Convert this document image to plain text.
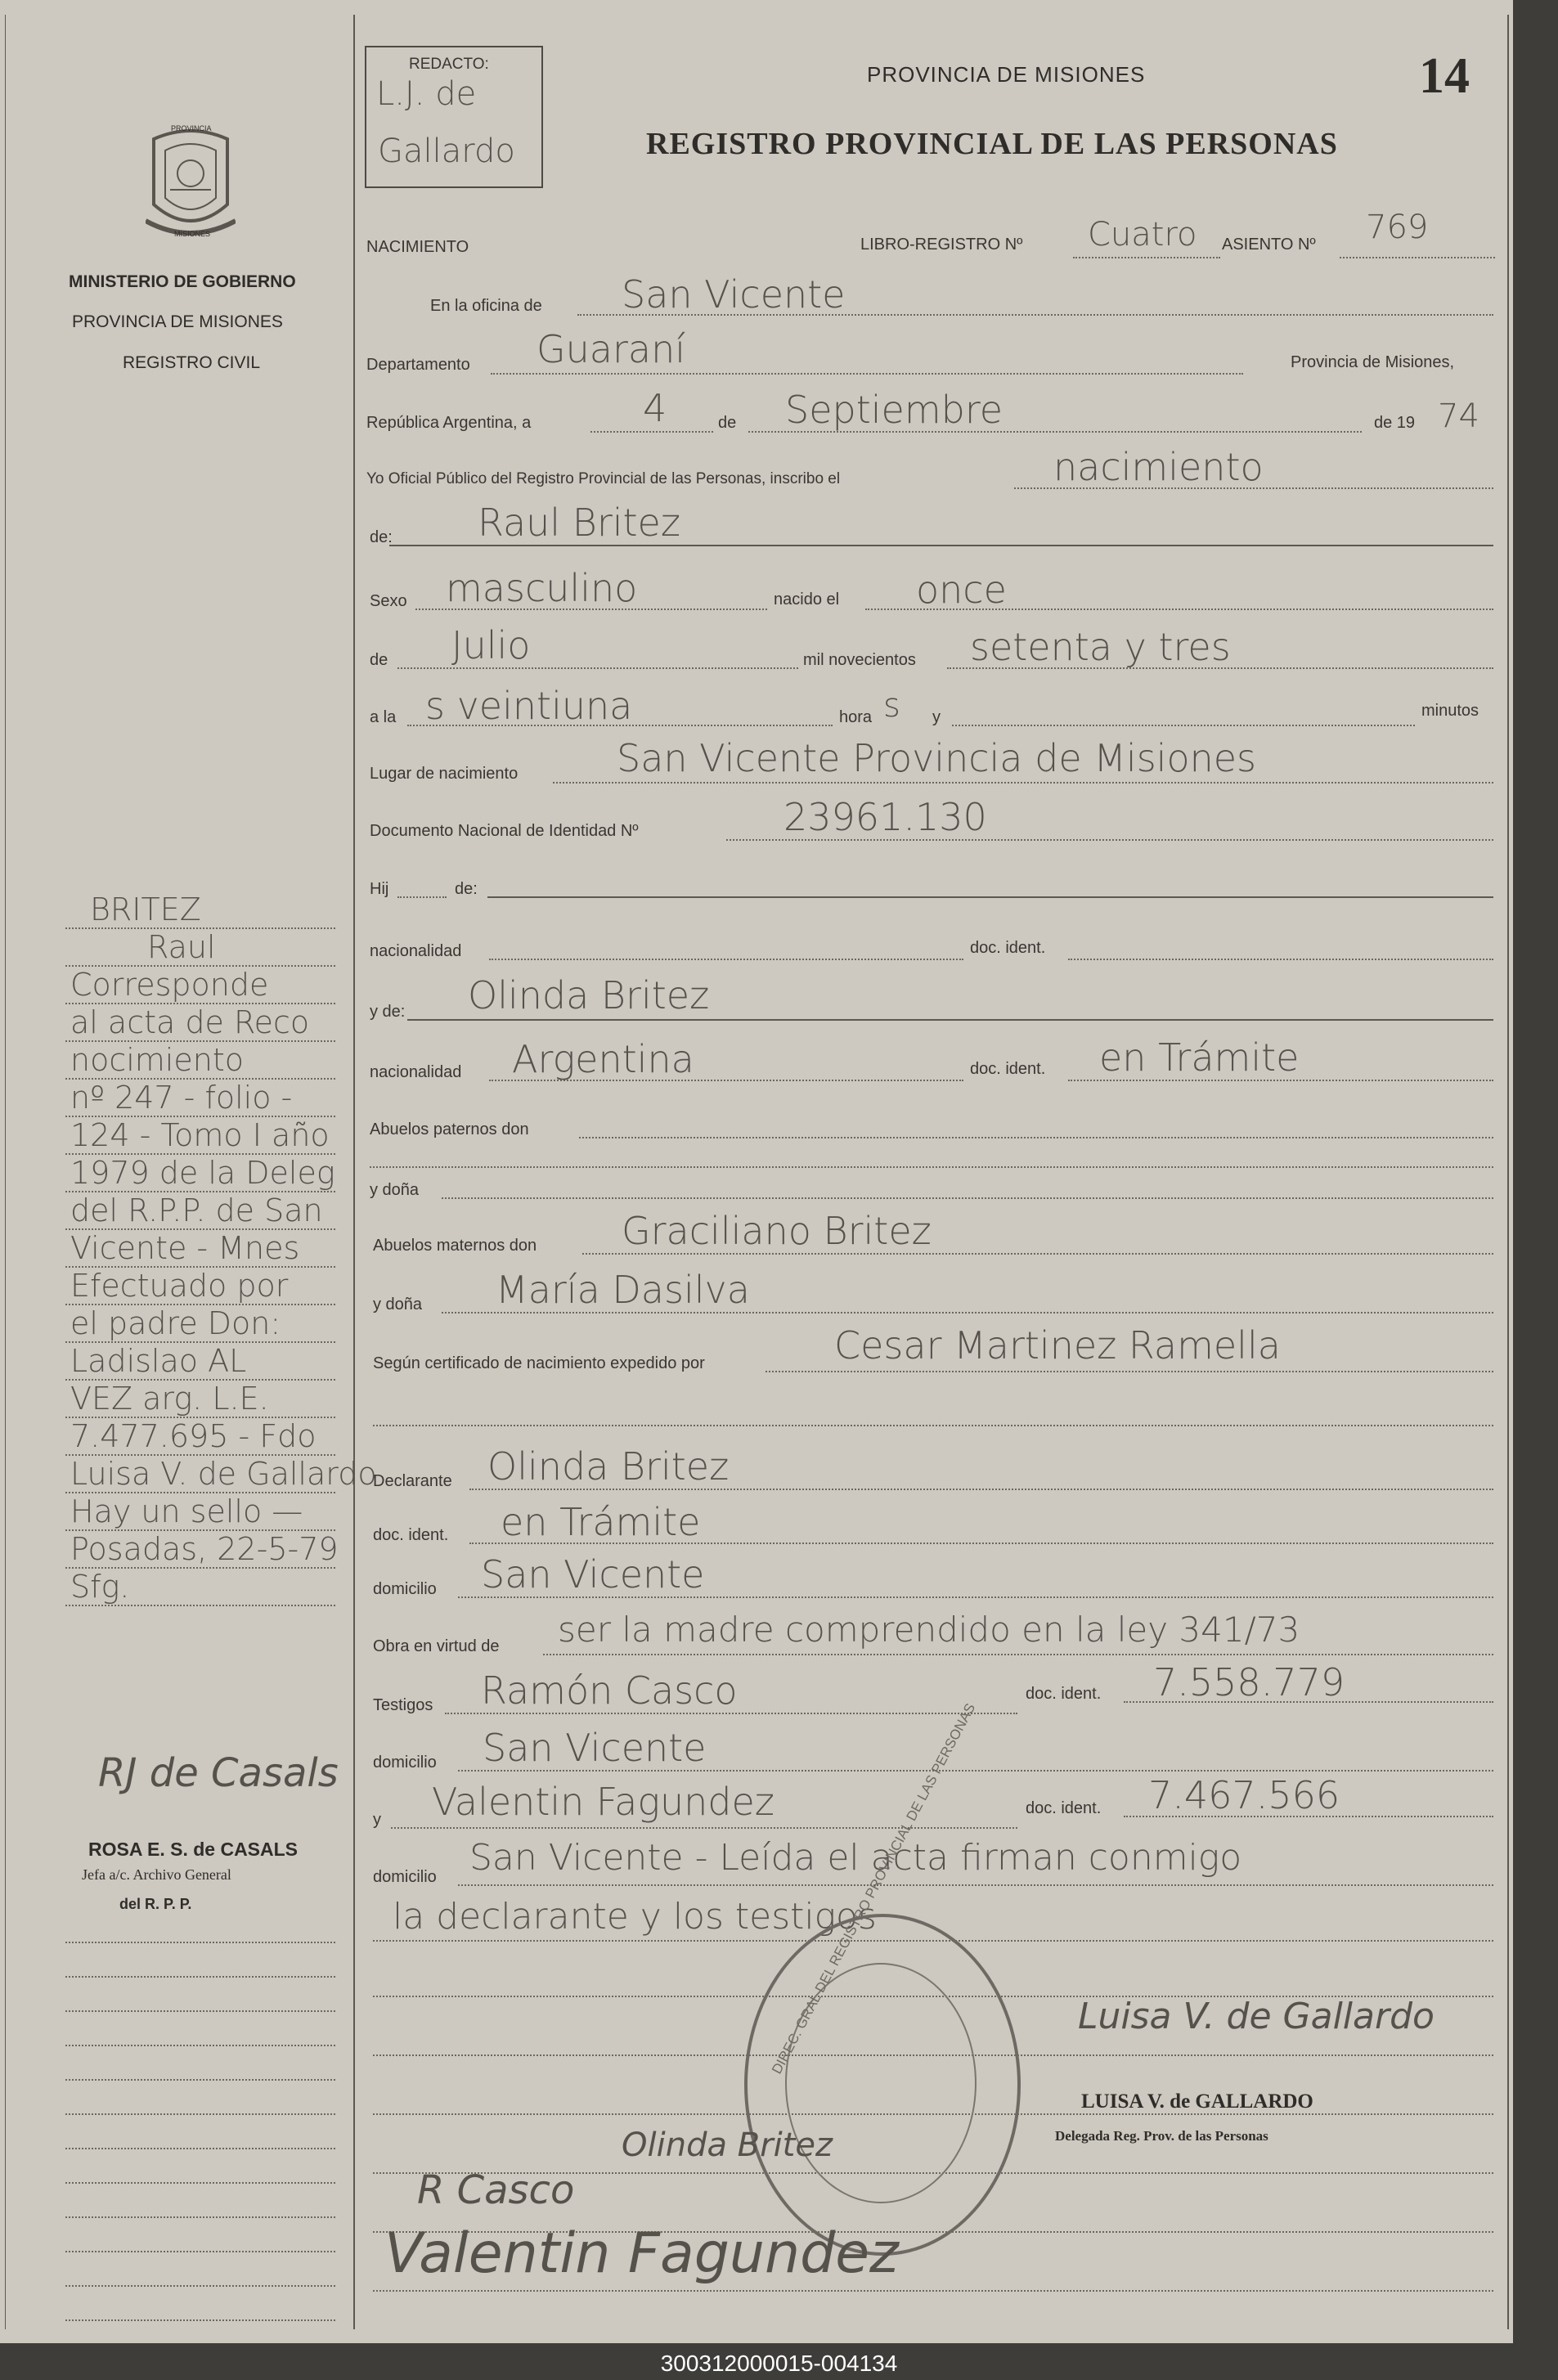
REDACTO:
L.J. de
Gallardo
PROVINCIA DE MISIONES
REGISTRO PROVINCIAL DE LAS PERSONAS
14
PROVINCIA
MISIONES
MINISTERIO DE GOBIERNO
PROVINCIA DE MISIONES
REGISTRO CIVIL
NACIMIENTO	LIBRO-REGISTRO Nº Cuatro ASIENTO Nº 769
En la oficina de San Vicente
Departamento Guaraní	Provincia de Misiones,
República Argentina, a	4	de Septiembre	de 19 74
Yo Oficial Público del Registro Provincial de las Personas, inscribo el	nacimiento
de: Raul Britez
Sexo masculino	nacido el once
de Julio	mil novecientos setenta y tres
a la s veintiuna	hora s y	minutos
Lugar de nacimiento	San Vicente Provincia de Misiones
Documento Nacional de Identidad Nº	23961.130
Hij	de:
nacionalidad	doc. ident.
y de: Olinda Britez
nacionalidad Argentina	doc. ident. en Trámite
Abuelos paternos don
y doña
Abuelos maternos don Graciliano Britez
y doña María Dasilva
Según certificado de nacimiento expedido por	Cesar Martinez Ramella
Declarante Olinda Britez
doc. ident. en Trámite
domicilio San Vicente
Obra en virtud de ser la madre comprendido en la ley 341/73
Testigos Ramón Casco	doc. ident. 7.558.779
domicilio San Vicente
y Valentin Fagundez	doc. ident. 7.467.566
domicilio San Vicente - Leída el acta firman conmigo
la declarante y los testigos
DIREC. GRAL DEL REGISTRO PROVINCIAL DE LAS PERSONAS	Luisa V. de Gallardo
LUISA V. de GALLARDO
Delegada Reg. Prov. de las Personas
Olinda Britez
R Casco
Valentin Fagundez
BRITEZ
Raul
Corresponde
al acta de Reco
nocimiento
nº 247 - folio -
124 - Tomo I año
1979 de la Deleg
del R.P.P. de San
Vicente - Mnes
Efectuado por
el padre Don:
Ladislao AL
VEZ arg. L.E.
7.477.695 - Fdo
Luisa V. de Gallardo
Hay un sello —
Posadas, 22-5-79
Sfg.
RJ de Casals
ROSA E. S. de CASALS
Jefa a/c. Archivo General
del R. P. P.
300312000015-004134
